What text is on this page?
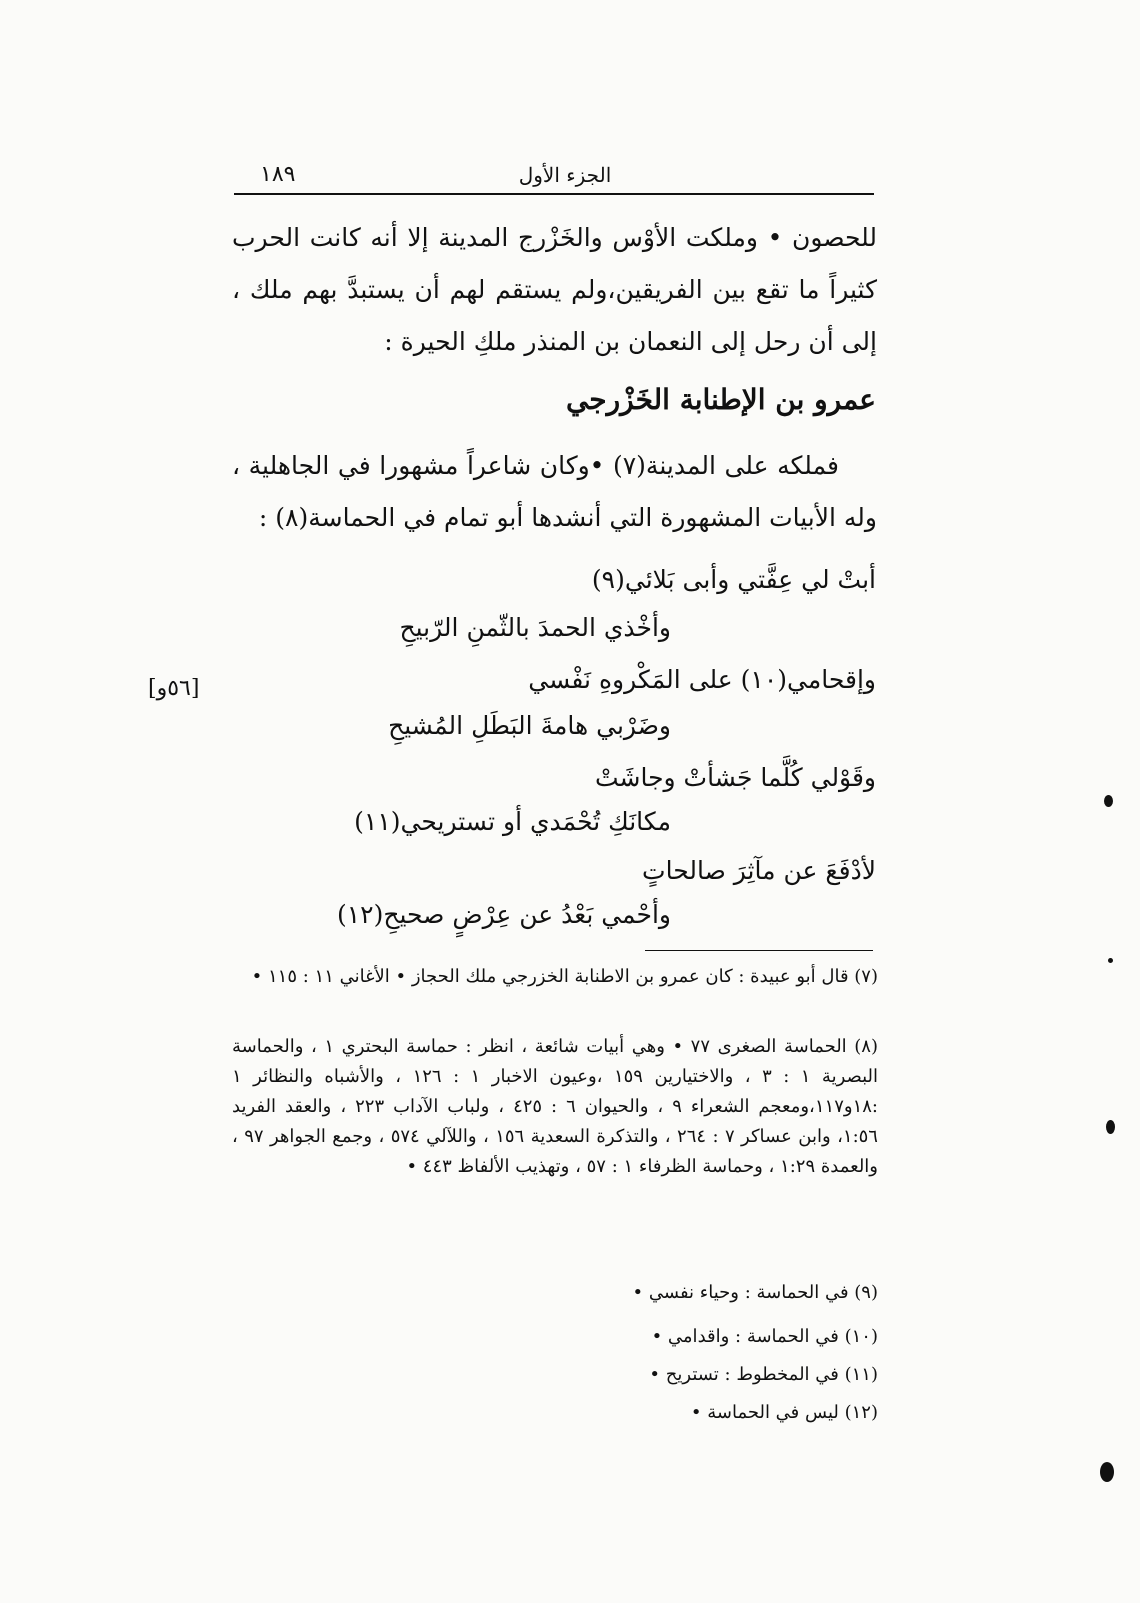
١٨٩	الجزء الأول
للحصون • وملكت الأوْس والخَزْرج المدينة إلا أنه كانت الحرب كثيراً ما تقع بين الفريقين،ولم يستقم لهم أن يستبدَّ بهم ملك ، إلى أن رحل إلى النعمان بن المنذر ملكِ الحيرة :
عمرو بن الإطنابة الخَزْرجي
فملكه على المدينة(٧) •وكان شاعراً مشهورا في الجاهلية ، وله الأبيات المشهورة التي أنشدها أبو تمام في الحماسة(٨) :
أبتْ لي عِفَّتي وأبى بَلائي(٩)
وأخْذي الحمدَ بالثّمنِ الرّبيحِ
وإقحامي(١٠) على المَكْروهِ نَفْسي
وضَرْبي هامةَ البَطَلِ المُشيحِ
وقَوْلي كُلَّما جَشأتْ وجاشَتْ
مكانَكِ تُحْمَدي أو تستريحي(١١)
لأدْفَعَ عن مآثِرَ صالحاتٍ
وأحْمي بَعْدُ عن عِرْضٍ صحيحِ(١٢)
[٥٦و]
(٧) قال أبو عبيدة : كان عمرو بن الاطنابة الخزرجي ملك الحجاز • الأغاني ١١ : ١١٥ •
(٨) الحماسة الصغرى ٧٧ • وهي أبيات شائعة ، انظر : حماسة البحتري ١ ، والحماسة البصرية ١ : ٣ ، والاختيارين ١٥٩ ،وعيون الاخبار ١ : ١٢٦ ، والأشباه والنظائر ١ :١٨و١١٧،ومعجم الشعراء ٩ ، والحيوان ٦ : ٤٢٥ ، ولباب الآداب ٢٢٣ ، والعقد الفريد ١:٥٦، وابن عساكر ٧ : ٢٦٤ ، والتذكرة السعدية ١٥٦ ، واللآلي ٥٧٤ ، وجمع الجواهر ٩٧ ، والعمدة ١:٢٩ ، وحماسة الظرفاء ١ : ٥٧ ، وتهذيب الألفاظ ٤٤٣ •
(٩) في الحماسة : وحياء نفسي •
(١٠) في الحماسة : واقدامي •
(١١) في المخطوط : تستريح •
(١٢) ليس في الحماسة •
